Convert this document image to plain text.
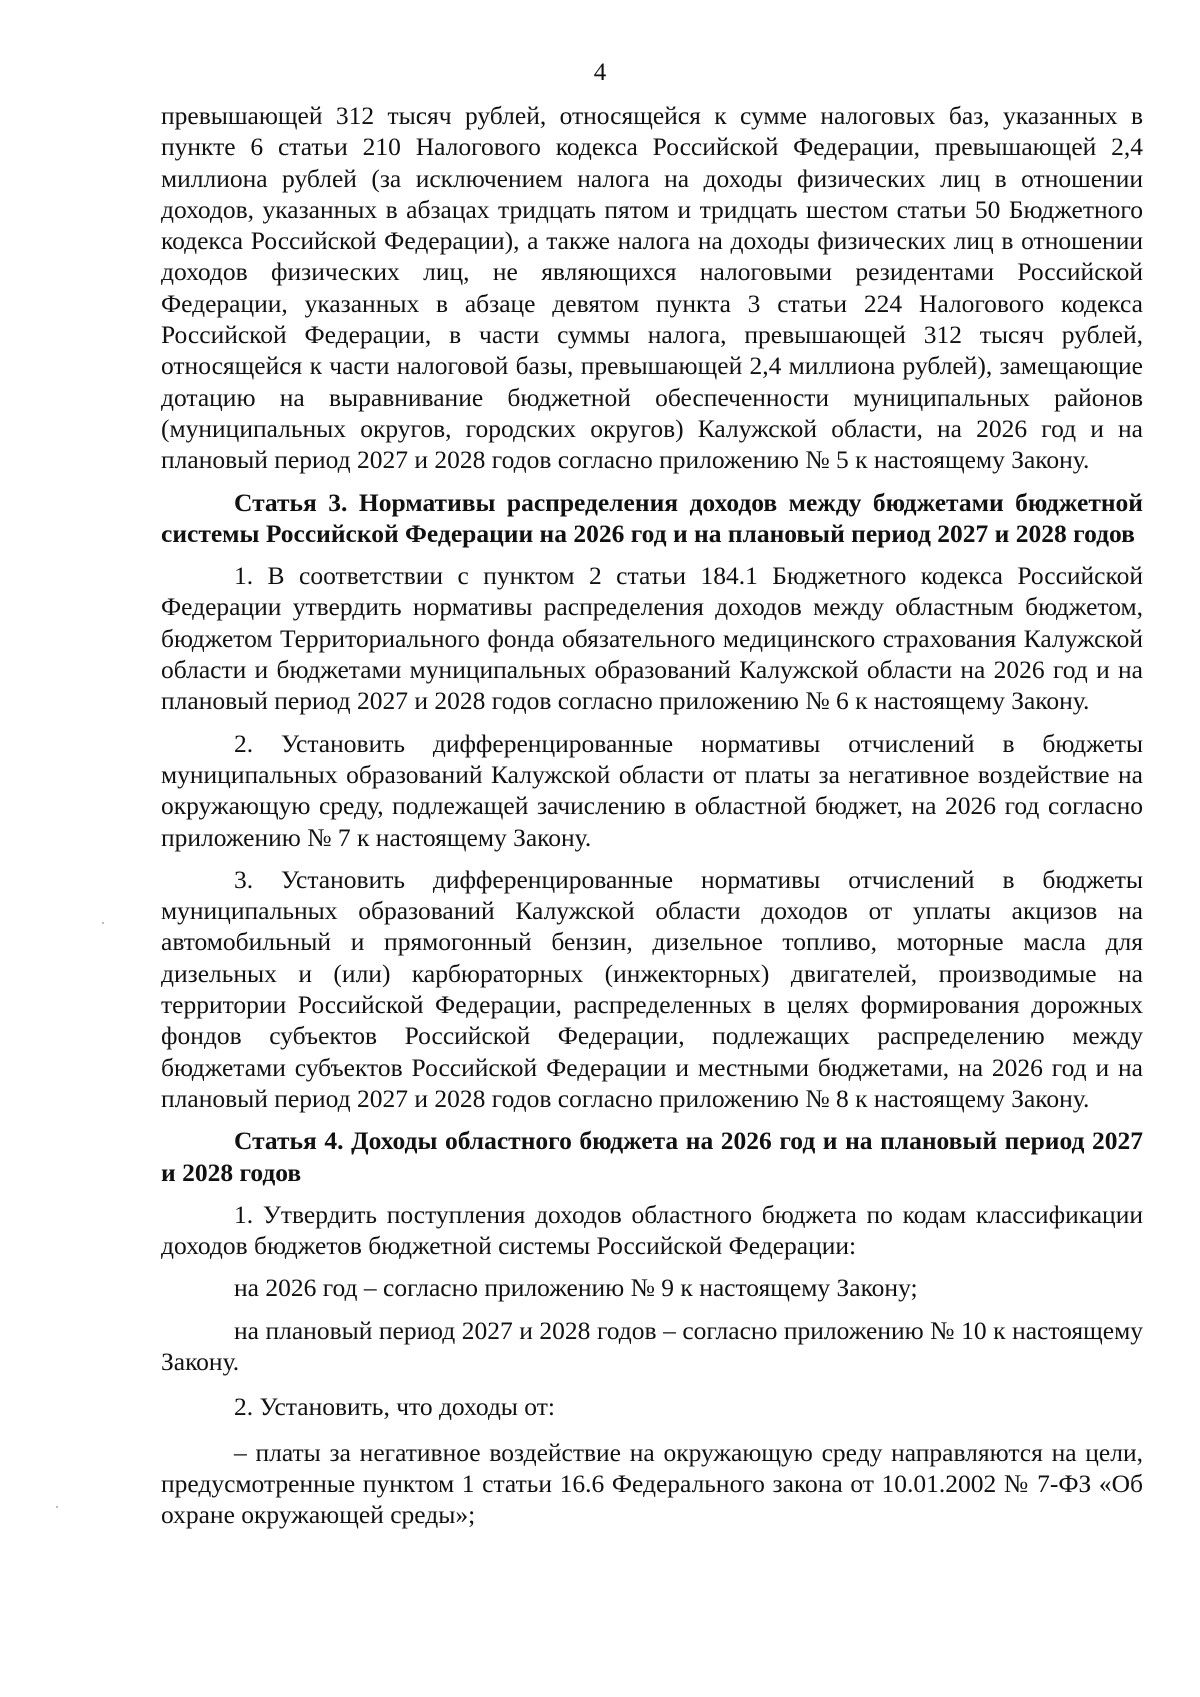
4

превышающей 312 тысяч рублей, относящейся к сумме налоговых баз, указанных в пункте 6 статьи 210 Налогового кодекса Российской Федерации, превышающей 2,4 миллиона рублей (за исключением налога на доходы физических лиц в отношении доходов, указанных в абзацах тридцать пятом и тридцать шестом статьи 50 Бюджетного кодекса Российской Федерации), а также налога на доходы физических лиц в отношении доходов физических лиц, не являющихся налоговыми резидентами Российской Федерации, указанных в абзаце девятом пункта 3 статьи 224 Налогового кодекса Российской Федерации, в части суммы налога, превышающей 312 тысяч рублей, относящейся к части налоговой базы, превышающей 2,4 миллиона рублей), замещающие дотацию на выравнивание бюджетной обеспеченности муниципальных районов (муниципальных округов, городских округов) Калужской области, на 2026 год и на плановый период 2027 и 2028 годов согласно приложению № 5 к настоящему Закону.

Статья 3. Нормативы распределения доходов между бюджетами бюджетной системы Российской Федерации на 2026 год и на плановый период 2027 и 2028 годов

1. В соответствии с пунктом 2 статьи 184.1 Бюджетного кодекса Российской Федерации утвердить нормативы распределения доходов между областным бюджетом, бюджетом Территориального фонда обязательного медицинского страхования Калужской области и бюджетами муниципальных образований Калужской области на 2026 год и на плановый период 2027 и 2028 годов согласно приложению № 6 к настоящему Закону.

2. Установить дифференцированные нормативы отчислений в бюджеты муниципальных образований Калужской области от платы за негативное воздействие на окружающую среду, подлежащей зачислению в областной бюджет, на 2026 год согласно приложению № 7 к настоящему Закону.

3. Установить дифференцированные нормативы отчислений в бюджеты муниципальных образований Калужской области доходов от уплаты акцизов на автомобильный и прямогонный бензин, дизельное топливо, моторные масла для дизельных и (или) карбюраторных (инжекторных) двигателей, производимые на территории Российской Федерации, распределенных в целях формирования дорожных фондов субъектов Российской Федерации, подлежащих распределению между бюджетами субъектов Российской Федерации и местными бюджетами, на 2026 год и на плановый период 2027 и 2028 годов согласно приложению № 8 к настоящему Закону.

Статья 4. Доходы областного бюджета на 2026 год и на плановый период 2027 и 2028 годов

1. Утвердить поступления доходов областного бюджета по кодам классификации доходов бюджетов бюджетной системы Российской Федерации:

на 2026 год – согласно приложению № 9 к настоящему Закону;

на плановый период 2027 и 2028 годов – согласно приложению № 10 к настоящему Закону.

2. Установить, что доходы от:

– платы за негативное воздействие на окружающую среду направляются на цели, предусмотренные пунктом 1 статьи 16.6 Федерального закона от 10.01.2002 № 7-ФЗ «Об охране окружающей среды»;
